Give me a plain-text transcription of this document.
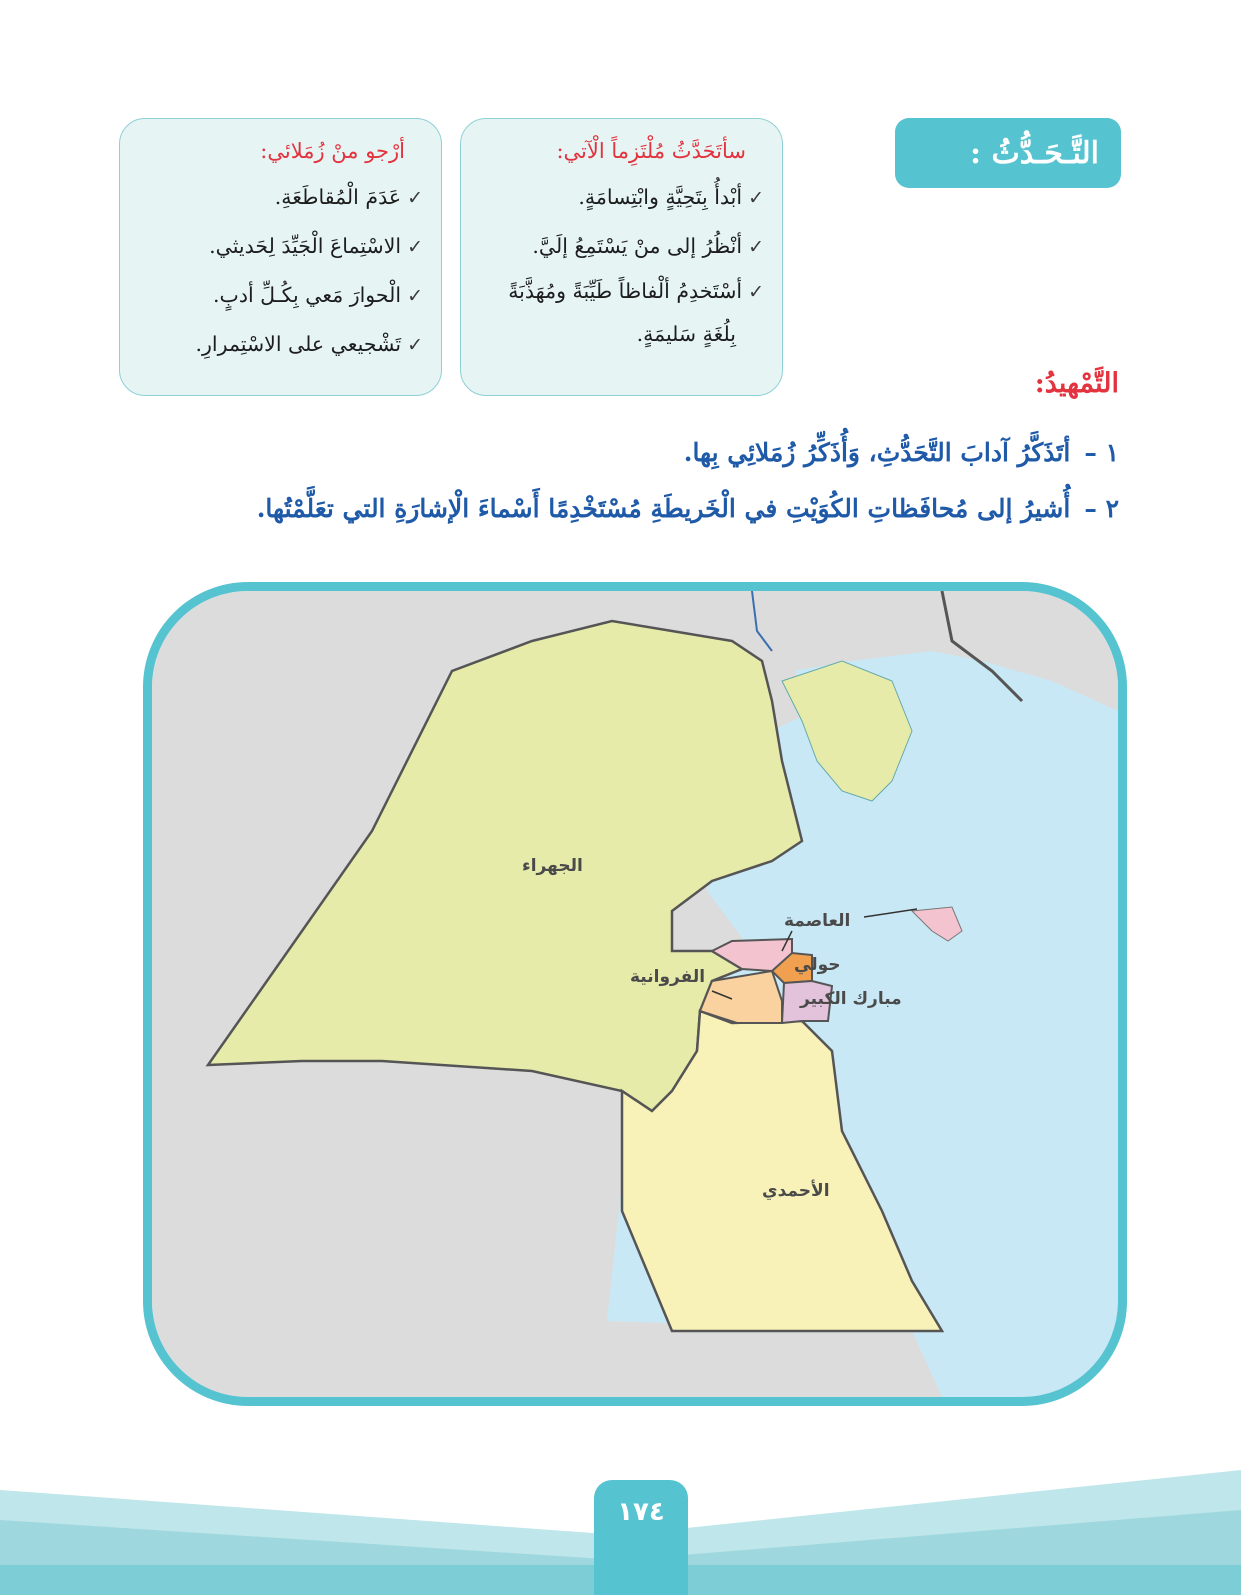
التَّـحَـدُّثُ :
سأتَحَدَّثُ مُلْتَزِماً الْآتي:
✓أبْدأُ بِتَحِيَّةٍ وابْتِسامَةٍ.
✓أنْظُرُ إلى منْ يَسْتَمِعُ إلَيَّ.
✓أسْتَخدِمُ ألْفاظاً طَيِّبَةً ومُهَذَّبَةً
بِلُغَةٍ سَليمَةٍ.
أرْجو منْ زُمَلائي:
✓عَدَمَ الْمُقاطَعَةِ.
✓الاسْتِماعَ الْجَيِّدَ لِحَديثي.
✓الْحوارَ مَعي بِكُـلِّ أدبٍ.
✓تَشْجيعي على الاسْتِمرارِ.
التَّمْهيدُ:
١ –أتَذَكَّرُ آدابَ التَّحَدُّثِ، وَأُذَكِّرُ زُمَلائِي بِها.
٢ –أُشيرُ إلى مُحافَظاتِ الكُوَيْتِ في الْخَريطَةِ مُسْتَخْدِمًا أَسْماءَ الْإشارَةِ التي تعَلَّمْتُها.
الجهراء
العاصمة
حولي
الفروانية
مبارك الكبير
الأحمدي
١٧٤
